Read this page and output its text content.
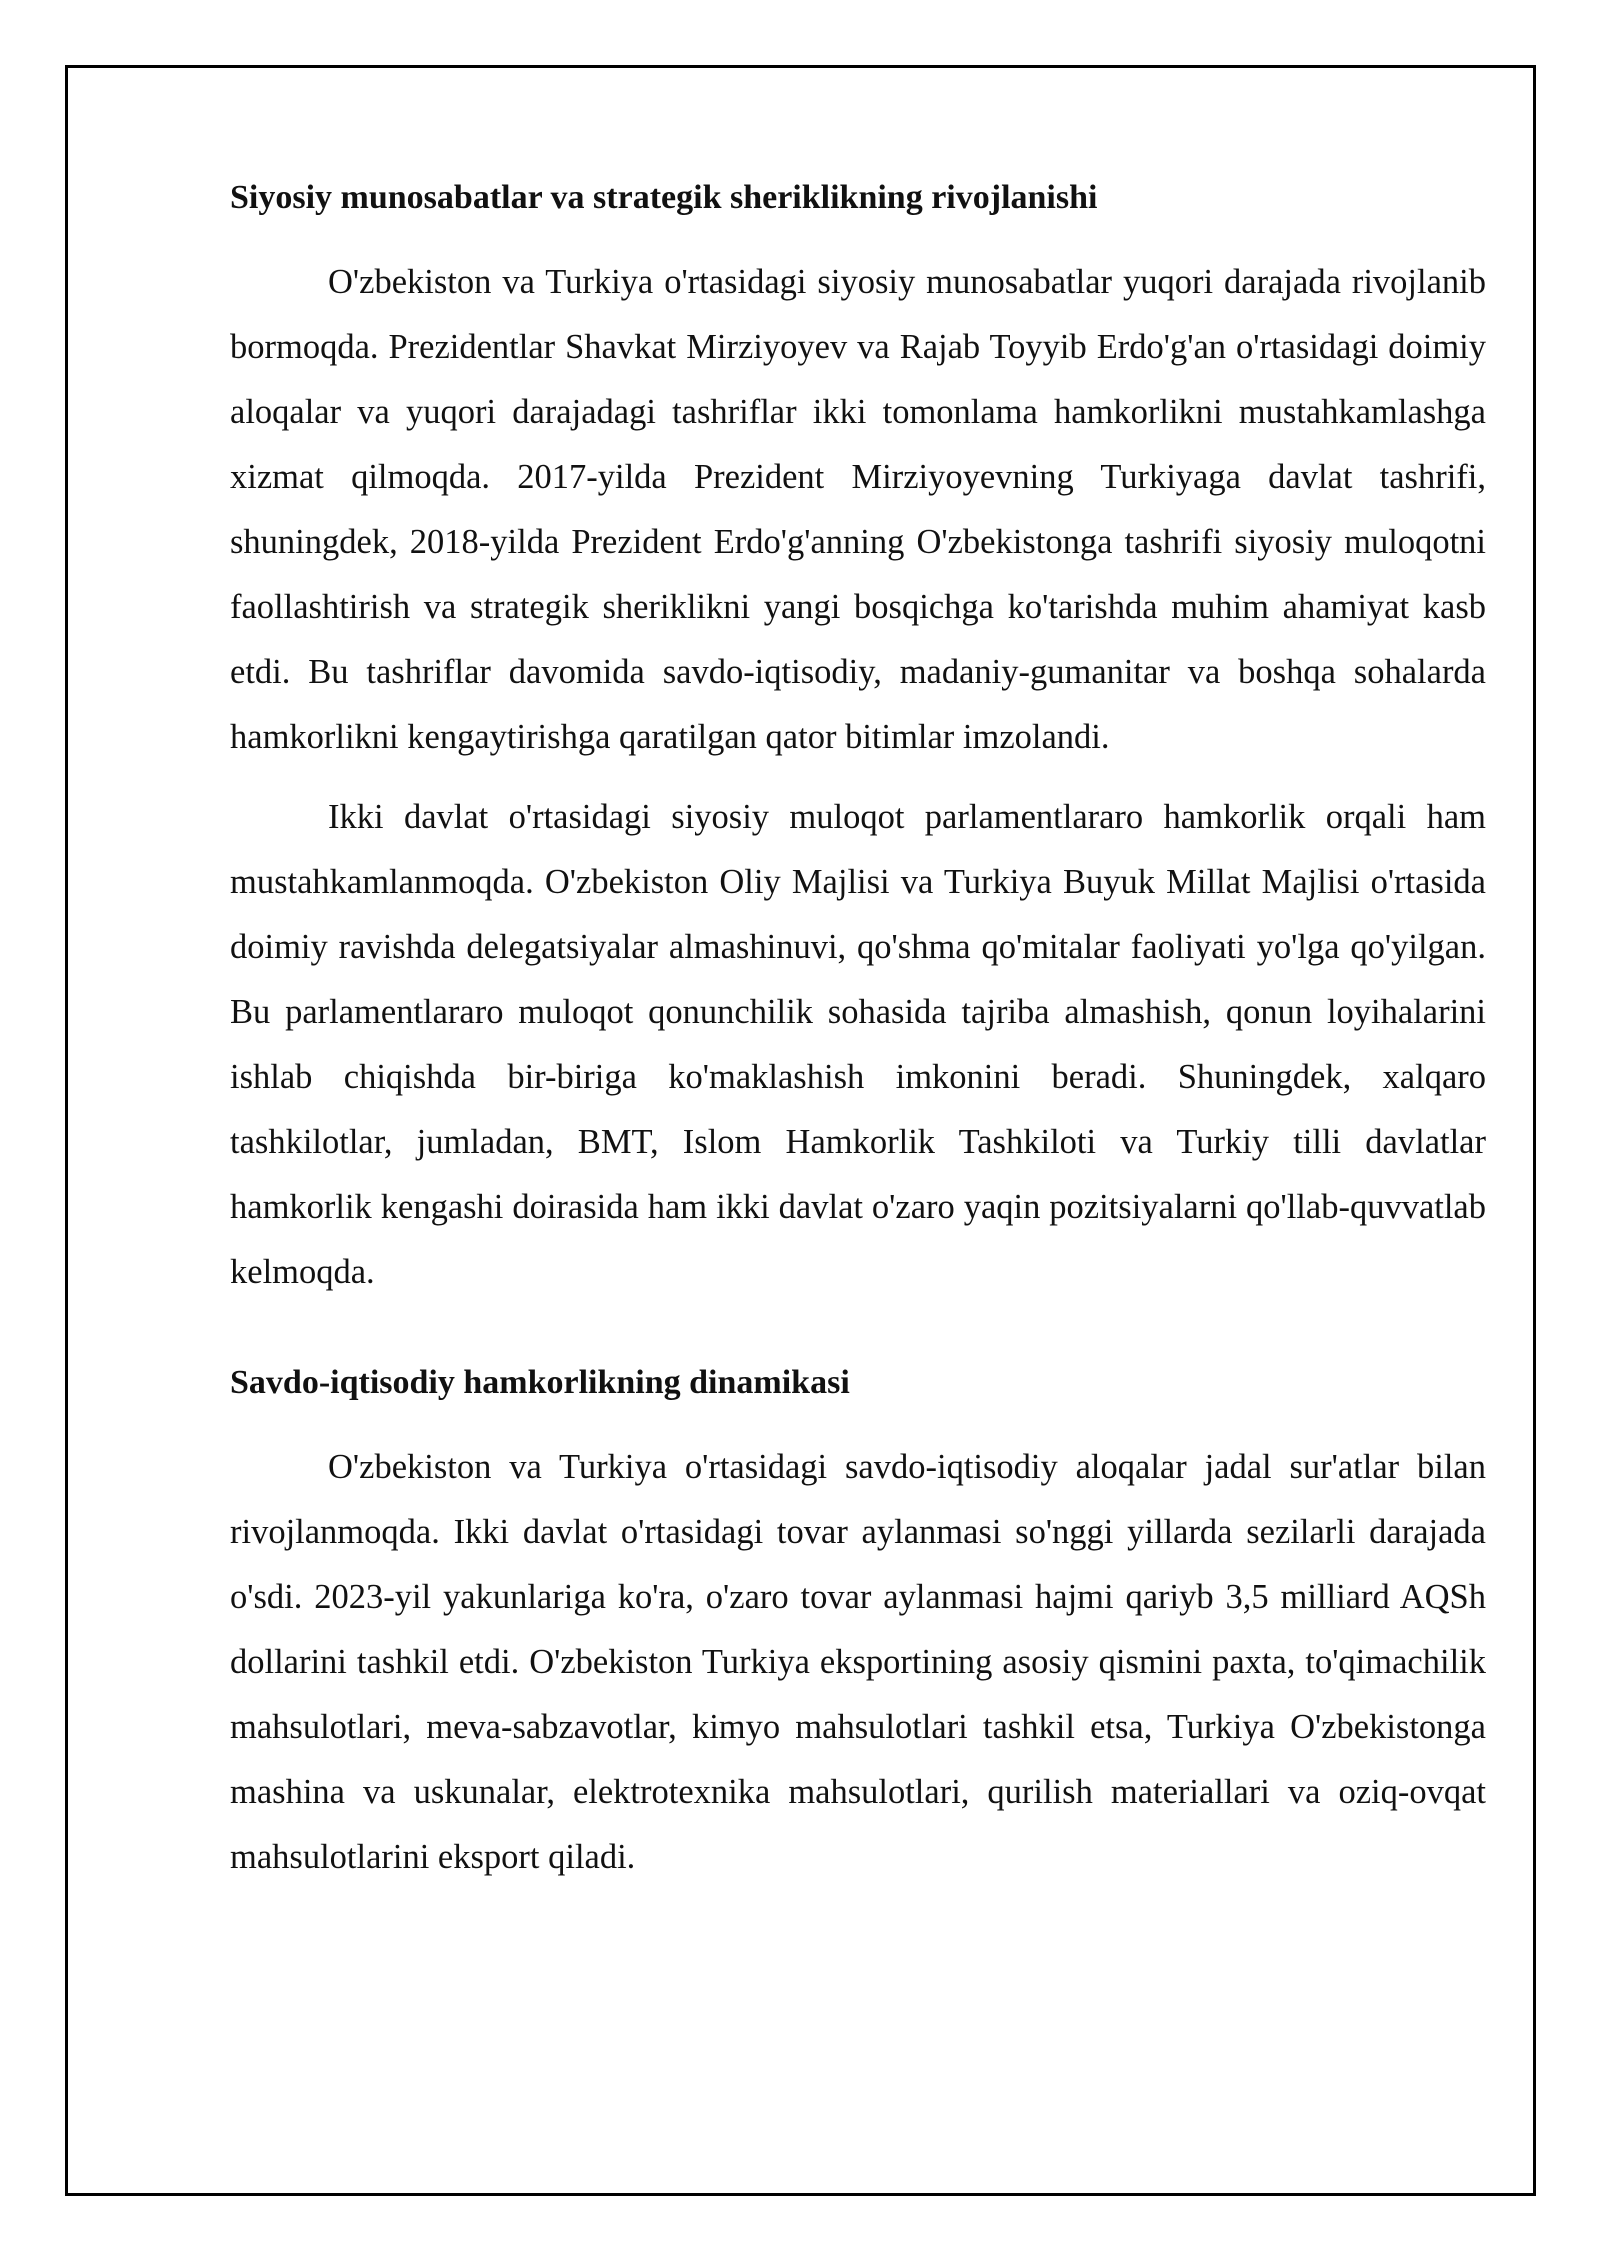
Siyosiy munosabatlar va strategik sheriklikning rivojlanishi

O'zbekiston va Turkiya o'rtasidagi siyosiy munosabatlar yuqori darajada rivojlanib bormoqda. Prezidentlar Shavkat Mirziyoyev va Rajab Toyyib Erdo'g'an o'rtasidagi doimiy aloqalar va yuqori darajadagi tashriflar ikki tomonlama hamkorlikni mustahkamlashga xizmat qilmoqda. 2017-yilda Prezident Mirziyoyevning Turkiyaga davlat tashrifi, shuningdek, 2018-yilda Prezident Erdo'g'anning O'zbekistonga tashrifi siyosiy muloqotni faollashtirish va strategik sheriklikni yangi bosqichga ko'tarishda muhim ahamiyat kasb etdi. Bu tashriflar davomida savdo-iqtisodiy, madaniy-gumanitar va boshqa sohalarda hamkorlikni kengaytirishga qaratilgan qator bitimlar imzolandi.

Ikki davlat o'rtasidagi siyosiy muloqot parlamentlararo hamkorlik orqali ham mustahkamlanmoqda. O'zbekiston Oliy Majlisi va Turkiya Buyuk Millat Majlisi o'rtasida doimiy ravishda delegatsiyalar almashinuvi, qo'shma qo'mitalar faoliyati yo'lga qo'yilgan. Bu parlamentlararo muloqot qonunchilik sohasida tajriba almashish, qonun loyihalarini ishlab chiqishda bir-biriga ko'maklashish imkonini beradi. Shuningdek, xalqaro tashkilotlar, jumladan, BMT, Islom Hamkorlik Tashkiloti va Turkiy tilli davlatlar hamkorlik kengashi doirasida ham ikki davlat o'zaro yaqin pozitsiyalarni qo'llab-quvvatlab kelmoqda.

Savdo-iqtisodiy hamkorlikning dinamikasi

O'zbekiston va Turkiya o'rtasidagi savdo-iqtisodiy aloqalar jadal sur'atlar bilan rivojlanmoqda. Ikki davlat o'rtasidagi tovar aylanmasi so'nggi yillarda sezilarli darajada o'sdi. 2023-yil yakunlariga ko'ra, o'zaro tovar aylanmasi hajmi qariyb 3,5 milliard AQSh dollarini tashkil etdi. O'zbekiston Turkiya eksportining asosiy qismini paxta, to'qimachilik mahsulotlari, meva-sabzavotlar, kimyo mahsulotlari tashkil etsa, Turkiya O'zbekistonga mashina va uskunalar, elektrotexnika mahsulotlari, qurilish materiallari va oziq-ovqat mahsulotlarini eksport qiladi.
